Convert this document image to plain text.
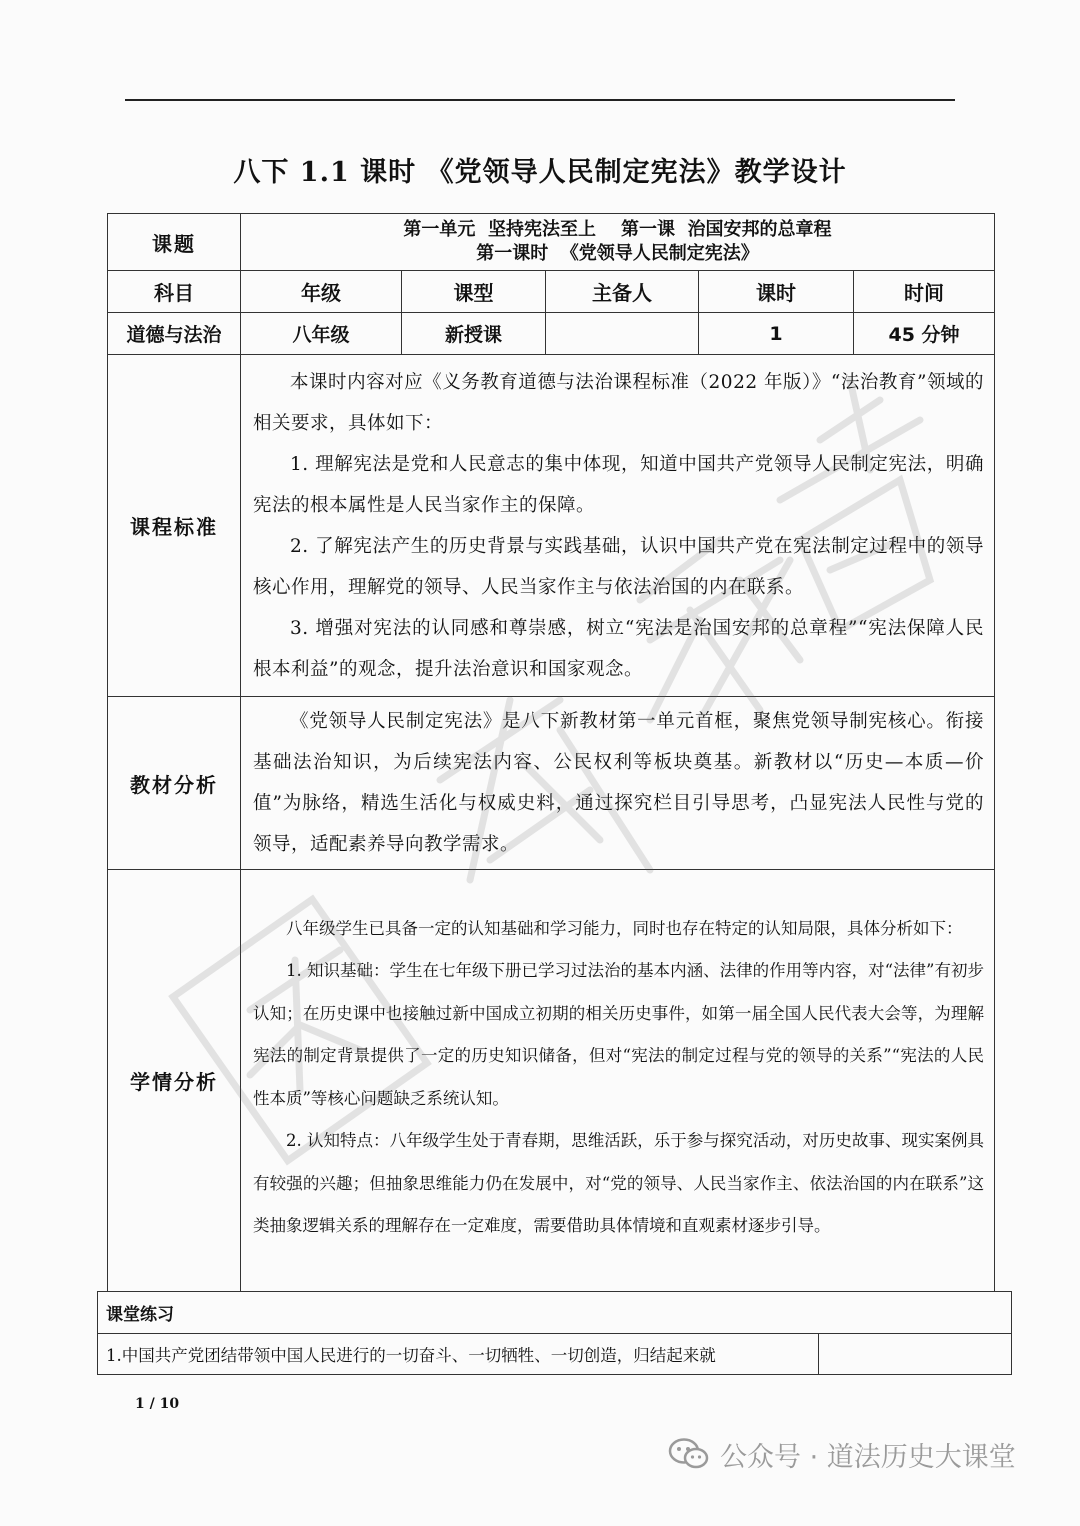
八下 1.1 课时 《党领导人民制定宪法》教学设计
课题	第一单元  坚持宪法至上    第一课  治国安邦的总章程
第一课时  《党领导人民制定宪法》				

科目	年级	课型	主备人	课时	时间
道德与法治	八年级	新授课		1	45 分钟
课程标准	本课时内容对应《义务教育道德与法治课程标准（2022 年版）》“法治教育”领域的相关要求，具体如下：

1. 理解宪法是党和人民意志的集中体现，知道中国共产党领导人民制定宪法，明确宪法的根本属性是人民当家作主的保障。

2. 了解宪法产生的历史背景与实践基础，认识中国共产党在宪法制定过程中的领导核心作用，理解党的领导、人民当家作主与依法治国的内在联系。

3. 增强对宪法的认同感和尊崇感，树立“宪法是治国安邦的总章程”“宪法保障人民根本利益”的观念，提升法治意识和国家观念。				

教材分析	《党领导人民制定宪法》是八下新教材第一单元首框，聚焦党领导制宪核心。衔接基础法治知识，为后续宪法内容、公民权利等板块奠基。新教材以“历史—本质—价值”为脉络，精选生活化与权威史料，通过探究栏目引导思考，凸显宪法人民性与党的领导，适配素养导向教学需求。				

学情分析	八年级学生已具备一定的认知基础和学习能力，同时也存在特定的认知局限，具体分析如下：

1. 知识基础：学生在七年级下册已学习过法治的基本内涵、法律的作用等内容，对“法律”有初步认知；在历史课中也接触过新中国成立初期的相关历史事件，如第一届全国人民代表大会等，为理解宪法的制定背景提供了一定的历史知识储备，但对“宪法的制定过程与党的领导的关系”“宪法的人民性本质”等核心问题缺乏系统认知。

2. 认知特点：八年级学生处于青春期，思维活跃，乐于参与探究活动，对历史故事、现实案例具有较强的兴趣；但抽象思维能力仍在发展中，对“党的领导、人民当家作主、依法治国的内在联系”这类抽象逻辑关系的理解存在一定难度，需要借助具体情境和直观素材逐步引导。				

课堂练习
1.中国共产党团结带领中国人民进行的一切奋斗、一切牺牲、一切创造，归结起来就	
1 / 10
公众号 · 道法历史大课堂
